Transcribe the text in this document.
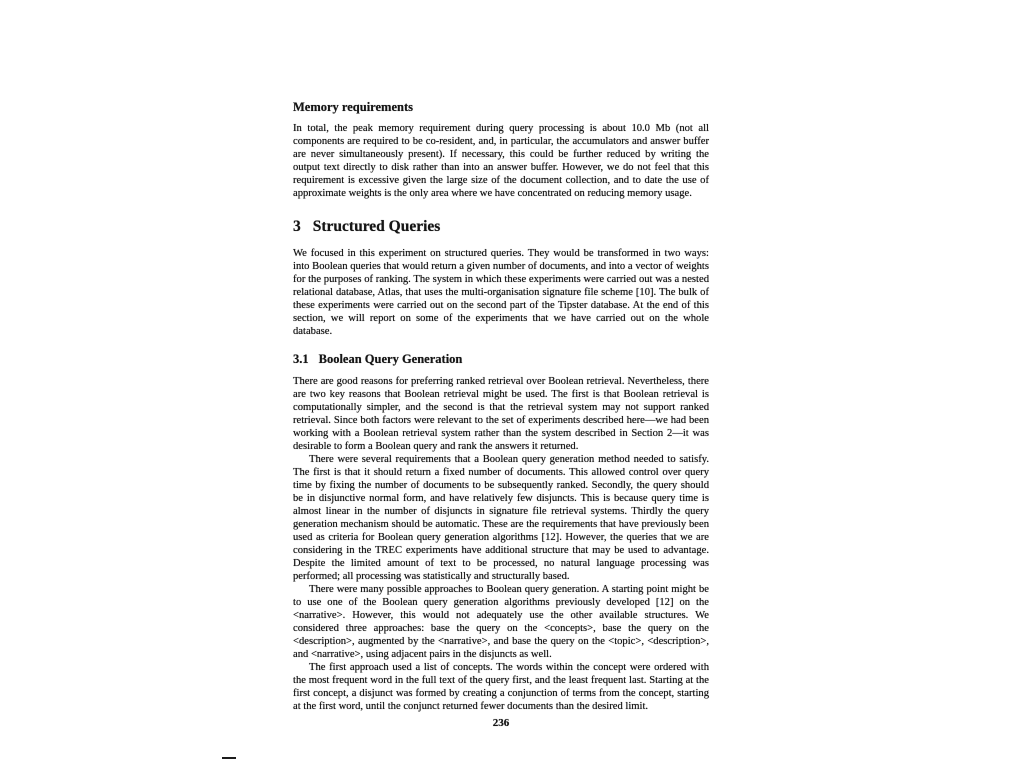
Memory requirements

In total, the peak memory requirement during query processing is about 10.0 Mb (not all components are required to be co-resident, and, in particular, the accumulators and answer buffer are never simultaneously present). If necessary, this could be further reduced by writing the output text directly to disk rather than into an answer buffer. However, we do not feel that this requirement is excessive given the large size of the document collection, and to date the use of approximate weights is the only area where we have concentrated on reducing memory usage.

3 Structured Queries

We focused in this experiment on structured queries. They would be transformed in two ways: into Boolean queries that would return a given number of documents, and into a vector of weights for the purposes of ranking. The system in which these experiments were carried out was a nested relational database, Atlas, that uses the multi-organisation signature file scheme [10]. The bulk of these experiments were carried out on the second part of the Tipster database. At the end of this section, we will report on some of the experiments that we have carried out on the whole database.

3.1 Boolean Query Generation

There are good reasons for preferring ranked retrieval over Boolean retrieval. Nevertheless, there are two key reasons that Boolean retrieval might be used. The first is that Boolean retrieval is computationally simpler, and the second is that the retrieval system may not support ranked retrieval. Since both factors were relevant to the set of experiments described here—we had been working with a Boolean retrieval system rather than the system described in Section 2—it was desirable to form a Boolean query and rank the answers it returned.

There were several requirements that a Boolean query generation method needed to satisfy. The first is that it should return a fixed number of documents. This allowed control over query time by fixing the number of documents to be subsequently ranked. Secondly, the query should be in disjunctive normal form, and have relatively few disjuncts. This is because query time is almost linear in the number of disjuncts in signature file retrieval systems. Thirdly the query generation mechanism should be automatic. These are the requirements that have previously been used as criteria for Boolean query generation algorithms [12]. However, the queries that we are considering in the TREC experiments have additional structure that may be used to advantage. Despite the limited amount of text to be processed, no natural language processing was performed; all processing was statistically and structurally based.

There were many possible approaches to Boolean query generation. A starting point might be to use one of the Boolean query generation algorithms previously developed [12] on the <narrative>. However, this would not adequately use the other available structures. We considered three approaches: base the query on the <concepts>, base the query on the <description>, augmented by the <narrative>, and base the query on the <topic>, <description>, and <narrative>, using adjacent pairs in the disjuncts as well.

The first approach used a list of concepts. The words within the concept were ordered with the most frequent word in the full text of the query first, and the least frequent last. Starting at the first concept, a disjunct was formed by creating a conjunction of terms from the concept, starting at the first word, until the conjunct returned fewer documents than the desired limit.

236
